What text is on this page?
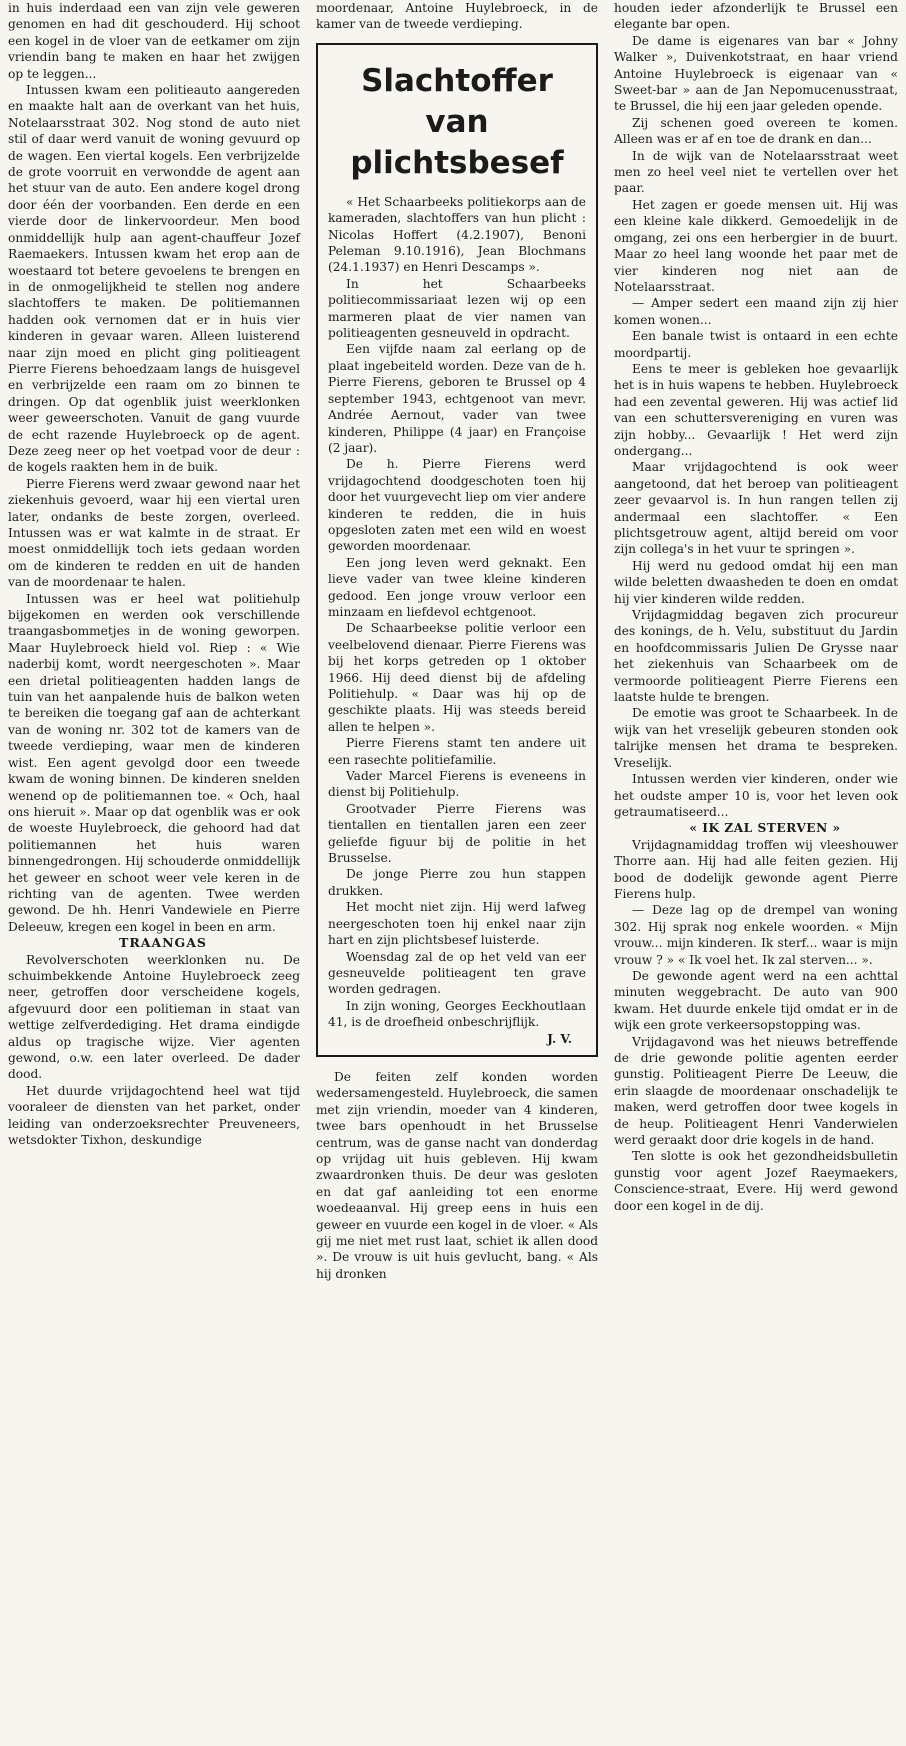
in huis inderdaad een van zijn vele geweren genomen en had dit geschouderd. Hij schoot een kogel in de vloer van de eetkamer om zijn vriendin bang te maken en haar het zwijgen op te leggen...

Intussen kwam een politieauto aangereden en maakte halt aan de overkant van het huis, Notelaarsstraat 302. Nog stond de auto niet stil of daar werd vanuit de woning gevuurd op de wagen. Een viertal kogels. Een verbrijzelde de grote voorruit en verwondde de agent aan het stuur van de auto. Een andere kogel drong door één der voorbanden. Een derde en een vierde door de linkervoordeur. Men bood onmiddellijk hulp aan agent-chauffeur Jozef Raemaekers. Intussen kwam het erop aan de woestaard tot betere gevoelens te brengen en in de onmogelijkheid te stellen nog andere slachtoffers te maken. De politiemannen hadden ook vernomen dat er in huis vier kinderen in gevaar waren. Alleen luisterend naar zijn moed en plicht ging politieagent Pierre Fierens behoedzaam langs de huisgevel en verbrijzelde een raam om zo binnen te dringen. Op dat ogenblik juist weerklonken weer geweerschoten. Vanuit de gang vuurde de echt razende Huylebroeck op de agent. Deze zeeg neer op het voetpad voor de deur : de kogels raakten hem in de buik.

Pierre Fierens werd zwaar gewond naar het ziekenhuis gevoerd, waar hij een viertal uren later, ondanks de beste zorgen, overleed. Intussen was er wat kalmte in de straat. Er moest onmiddellijk toch iets gedaan worden om de kinderen te redden en uit de handen van de moordenaar te halen.

Intussen was er heel wat politiehulp bijgekomen en werden ook verschillende traangasbommetjes in de woning geworpen. Maar Huylebroeck hield vol. Riep : « Wie naderbij komt, wordt neergeschoten ». Maar een drietal politieagenten hadden langs de tuin van het aanpalende huis de balkon weten te bereiken die toegang gaf aan de achterkant van de woning nr. 302 tot de kamers van de tweede verdieping, waar men de kinderen wist. Een agent gevolgd door een tweede kwam de woning binnen. De kinderen snelden wenend op de politiemannen toe. « Och, haal ons hieruit ». Maar op dat ogenblik was er ook de woeste Huylebroeck, die gehoord had dat politiemannen het huis waren binnengedrongen. Hij schouderde onmiddellijk het geweer en schoot weer vele keren in de richting van de agenten. Twee werden gewond. De hh. Henri Vandewiele en Pierre Deleeuw, kregen een kogel in been en arm.

TRAANGAS

Revolverschoten weerklonken nu. De schuimbekkende Antoine Huylebroeck zeeg neer, getroffen door verscheidene kogels, afgevuurd door een politieman in staat van wettige zelfverdediging. Het drama eindigde aldus op tragische wijze. Vier agenten gewond, o.w. een later overleed. De dader dood.

Het duurde vrijdagochtend heel wat tijd vooraleer de diensten van het parket, onder leiding van onderzoeksrechter Preuveneers, wetsdokter Tixhon, deskundige

moordenaar, Antoine Huylebroeck, in de kamer van de tweede verdieping.

Slachtoffer
van
plichtsbesef

« Het Schaarbeeks politiekorps aan de kameraden, slachtoffers van hun plicht : Nicolas Hoffert (4.2.1907), Benoni Peleman 9.10.1916), Jean Blochmans (24.1.1937) en Henri Descamps ».

In het Schaarbeeks politiecommissariaat lezen wij op een marmeren plaat de vier namen van politieagenten gesneuveld in opdracht.

Een vijfde naam zal eerlang op de plaat ingebeiteld worden. Deze van de h. Pierre Fierens, geboren te Brussel op 4 september 1943, echtgenoot van mevr. Andrée Aernout, vader van twee kinderen, Philippe (4 jaar) en Françoise (2 jaar).

De h. Pierre Fierens werd vrijdagochtend doodgeschoten toen hij door het vuurgevecht liep om vier andere kinderen te redden, die in huis opgesloten zaten met een wild en woest geworden moordenaar.

Een jong leven werd geknakt. Een lieve vader van twee kleine kinderen gedood. Een jonge vrouw verloor een minzaam en liefdevol echtgenoot.

De Schaarbeekse politie verloor een veelbelovend dienaar. Pierre Fierens was bij het korps getreden op 1 oktober 1966. Hij deed dienst bij de afdeling Politiehulp. « Daar was hij op de geschikte plaats. Hij was steeds bereid allen te helpen ».

Pierre Fierens stamt ten andere uit een rasechte politiefamilie.

Vader Marcel Fierens is eveneens in dienst bij Politiehulp.

Grootvader Pierre Fierens was tientallen en tientallen jaren een zeer geliefde figuur bij de politie in het Brusselse.

De jonge Pierre zou hun stappen drukken.

Het mocht niet zijn. Hij werd lafweg neergeschoten toen hij enkel naar zijn hart en zijn plichtsbesef luisterde.

Woensdag zal de op het veld van eer gesneuvelde politieagent ten grave worden gedragen.

In zijn woning, Georges Eeckhoutlaan 41, is de droefheid onbeschrijflijk.

J. V.

De feiten zelf konden worden wedersamengesteld. Huylebroeck, die samen met zijn vriendin, moeder van 4 kinderen, twee bars openhoudt in het Brusselse centrum, was de ganse nacht van donderdag op vrijdag uit huis gebleven. Hij kwam zwaardronken thuis. De deur was gesloten en dat gaf aanleiding tot een enorme woedeaanval. Hij greep eens in huis een geweer en vuurde een kogel in de vloer. « Als gij me niet met rust laat, schiet ik allen dood ». De vrouw is uit huis gevlucht, bang. « Als hij dronken

houden ieder afzonderlijk te Brussel een elegante bar open.

De dame is eigenares van bar « Johny Walker », Duivenkotstraat, en haar vriend Antoine Huylebroeck is eigenaar van « Sweet-bar » aan de Jan Nepomucenusstraat, te Brussel, die hij een jaar geleden opende.

Zij schenen goed overeen te komen. Alleen was er af en toe de drank en dan...

In de wijk van de Notelaarsstraat weet men zo heel veel niet te vertellen over het paar.

Het zagen er goede mensen uit. Hij was een kleine kale dikkerd. Gemoedelijk in de omgang, zei ons een herbergier in de buurt. Maar zo heel lang woonde het paar met de vier kinderen nog niet aan de Notelaarsstraat.

— Amper sedert een maand zijn zij hier komen wonen...

Een banale twist is ontaard in een echte moordpartij.

Eens te meer is gebleken hoe gevaarlijk het is in huis wapens te hebben. Huylebroeck had een zevental geweren. Hij was actief lid van een schuttersvereniging en vuren was zijn hobby... Gevaarlijk ! Het werd zijn ondergang...

Maar vrijdagochtend is ook weer aangetoond, dat het beroep van politieagent zeer gevaarvol is. In hun rangen tellen zij andermaal een slachtoffer. « Een plichtsgetrouw agent, altijd bereid om voor zijn collega's in het vuur te springen ».

Hij werd nu gedood omdat hij een man wilde beletten dwaasheden te doen en omdat hij vier kinderen wilde redden.

Vrijdagmiddag begaven zich procureur des konings, de h. Velu, substituut du Jardin en hoofdcommissaris Julien De Grysse naar het ziekenhuis van Schaarbeek om de vermoorde politieagent Pierre Fierens een laatste hulde te brengen.

De emotie was groot te Schaarbeek. In de wijk van het vreselijk gebeuren stonden ook talrijke mensen het drama te bespreken. Vreselijk.

Intussen werden vier kinderen, onder wie het oudste amper 10 is, voor het leven ook getraumatiseerd...

« IK ZAL STERVEN »

Vrijdagnamiddag troffen wij vleeshouwer Thorre aan. Hij had alle feiten gezien. Hij bood de dodelijk gewonde agent Pierre Fierens hulp.

— Deze lag op de drempel van woning 302. Hij sprak nog enkele woorden. « Mijn vrouw... mijn kinderen. Ik sterf... waar is mijn vrouw ? » « Ik voel het. Ik zal sterven... ».

De gewonde agent werd na een achttal minuten weggebracht. De auto van 900 kwam. Het duurde enkele tijd omdat er in de wijk een grote verkeersopstopping was.

Vrijdagavond was het nieuws betreffende de drie gewonde politie agenten eerder gunstig. Politieagent Pierre De Leeuw, die erin slaagde de moordenaar onschadelijk te maken, werd getroffen door twee kogels in de heup. Politieagent Henri Vanderwielen werd geraakt door drie kogels in de hand.

Ten slotte is ook het gezondheidsbulletin gunstig voor agent Jozef Raeymaekers, Conscience-straat, Evere. Hij werd gewond door een kogel in de dij.
